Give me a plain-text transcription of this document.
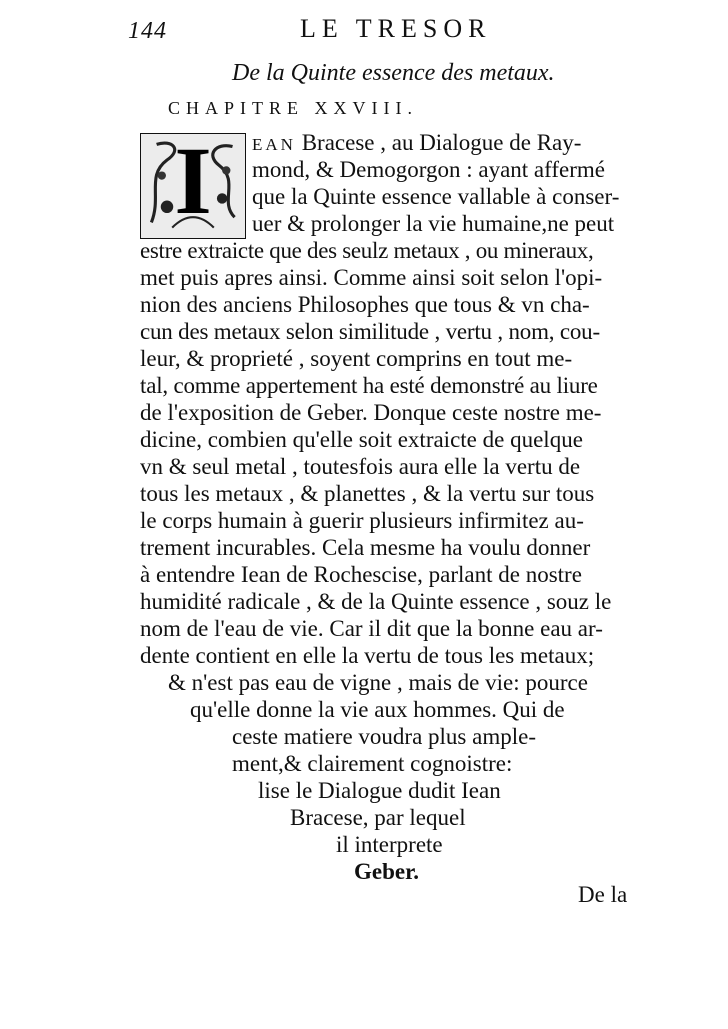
144	LE TRESOR
De la Quinte essence des metaux.
CHAPITRE XXVIII.
I	EAN Bracese , au Dialogue de Ray-
mond, & Demogorgon : ayant affermé
que la Quinte essence vallable à conser-
uer & prolonger la vie humaine,ne peut
estre extraicte que des seulz metaux , ou mineraux,
met puis apres ainsi. Comme ainsi soit selon l'opi-
nion des anciens Philosophes que tous & vn cha-
cun des metaux selon similitude , vertu , nom, cou-
leur, & proprieté , soyent comprins en tout me-
tal, comme appertement ha esté demonstré au liure
de l'exposition de Geber. Donque ceste nostre me-
dicine, combien qu'elle soit extraicte de quelque
vn & seul metal , toutesfois aura elle la vertu de
tous les metaux , & planettes , & la vertu sur tous
le corps humain à guerir plusieurs infirmitez au-
trement incurables. Cela mesme ha voulu donner
à entendre Iean de Rochescise, parlant de nostre
humidité radicale , & de la Quinte essence , souz le
nom de l'eau de vie. Car il dit que la bonne eau ar-
dente contient en elle la vertu de tous les metaux;
& n'est pas eau de vigne , mais de vie: pource
qu'elle donne la vie aux hommes. Qui de
ceste matiere voudra plus ample-
ment,& clairement cognoistre:
lise le Dialogue dudit Iean
Bracese, par lequel
il interprete
Geber.
De la
